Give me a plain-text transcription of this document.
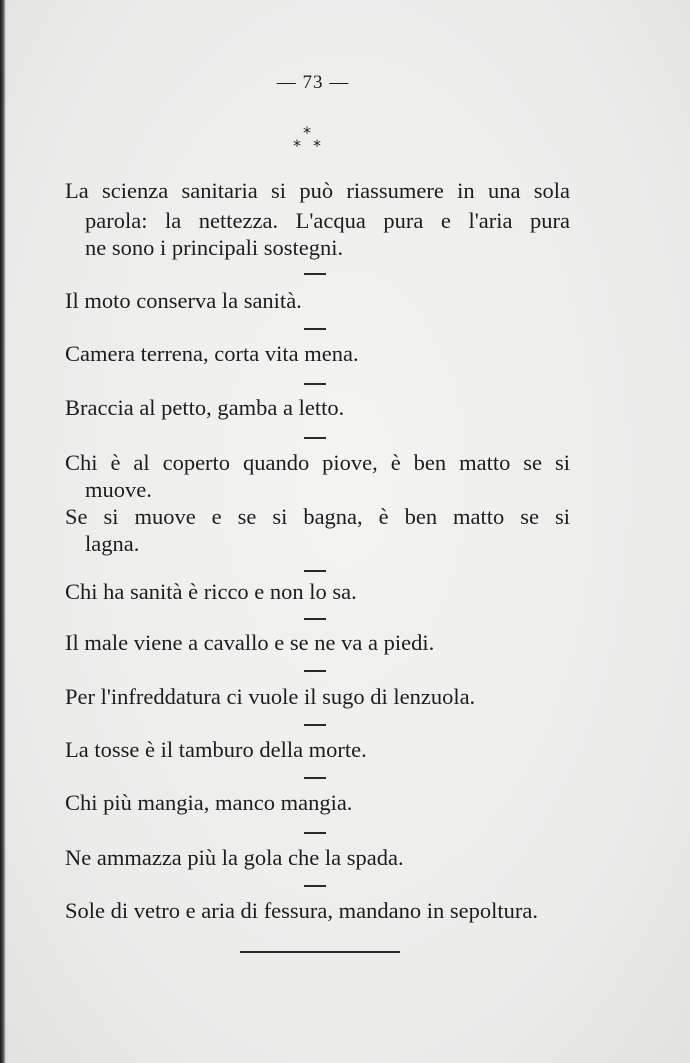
— 73 —
*
* *
La scienza sanitaria si può riassumere in una sola
parola: la nettezza. L'acqua pura e l'aria pura
ne sono i principali sostegni.
Il moto conserva la sanità.
Camera terrena, corta vita mena.
Braccia al petto, gamba a letto.
Chi è al coperto quando piove, è ben matto se si
muove.
Se si muove e se si bagna, è ben matto se si
lagna.
Chi ha sanità è ricco e non lo sa.
Il male viene a cavallo e se ne va a piedi.
Per l'infreddatura ci vuole il sugo di lenzuola.
La tosse è il tamburo della morte.
Chi più mangia, manco mangia.
Ne ammazza più la gola che la spada.
Sole di vetro e aria di fessura, mandano in sepoltura.
